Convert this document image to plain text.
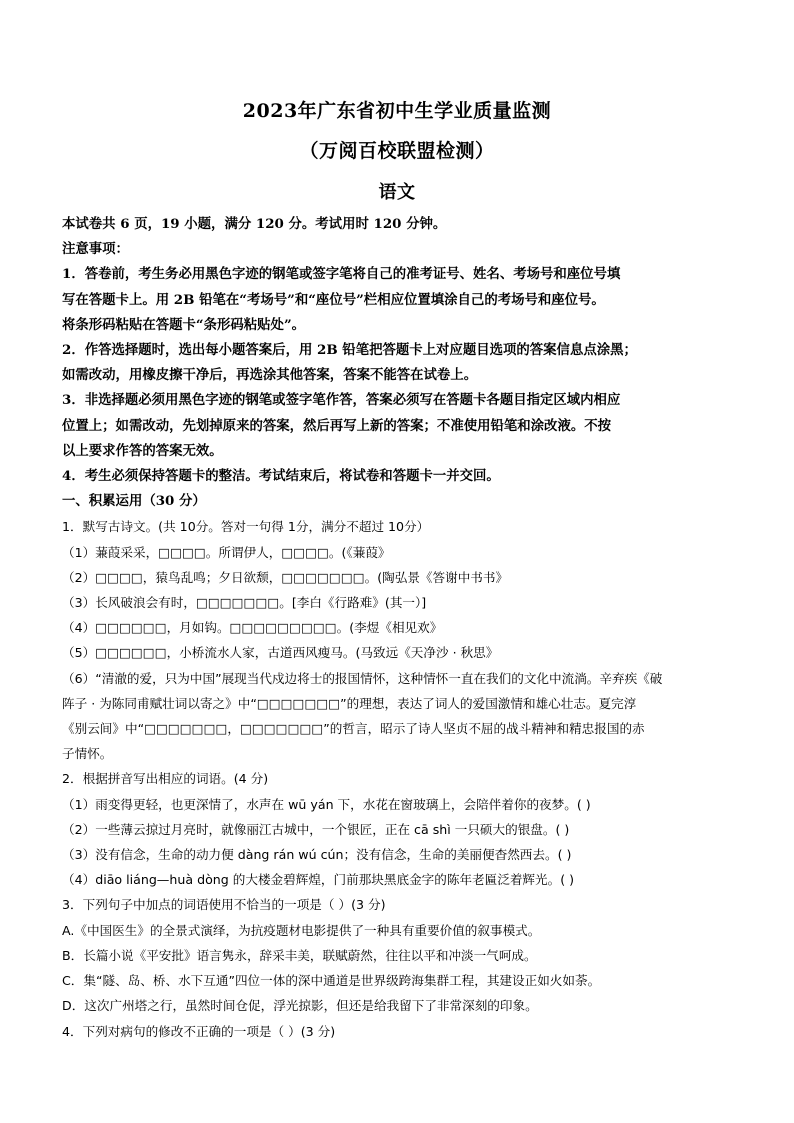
2023年广东省初中生学业质量监测
（万阅百校联盟检测）
语文

本试卷共 6 页，19 小题，满分 120 分。考试用时 120 分钟。

注意事项：

1．答卷前，考生务必用黑色字迹的钢笔或签字笔将自己的准考证号、姓名、考场号和座位号填

写在答题卡上。用 2B 铅笔在“考场号”和“座位号”栏相应位置填涂自己的考场号和座位号。

将条形码粘贴在答题卡“条形码粘贴处”。

2．作答选择题时，选出每小题答案后，用 2B 铅笔把答题卡上对应题目选项的答案信息点涂黑；

如需改动，用橡皮擦干净后，再选涂其他答案，答案不能答在试卷上。

3．非选择题必须用黑色字迹的钢笔或签字笔作答，答案必须写在答题卡各题目指定区域内相应

位置上；如需改动，先划掉原来的答案，然后再写上新的答案；不准使用铅笔和涂改液。不按

以上要求作答的答案无效。

4．考生必须保持答题卡的整洁。考试结束后，将试卷和答题卡一并交回。

一、积累运用（30 分）

1．默写古诗文。(共 10分。答对一句得 1分，满分不超过 10分）

（1）蒹葭采采，□□□□。所谓伊人，□□□□。(《蒹葭》

（2）□□□□，猿鸟乱鸣；夕日欲颓，□□□□□□□。(陶弘景《答谢中书书》

（3）长风破浪会有时，□□□□□□□。[李白《行路难》(其一）]

（4）□□□□□□，月如钩。□□□□□□□□□。(李煜《相见欢》

（5）□□□□□□，小桥流水人家，古道西风瘦马。(马致远《天净沙 · 秋思》

（6）“清澈的爱，只为中国”展现当代戍边将士的报国情怀，这种情怀一直在我们的文化中流淌。辛弃疾《破

阵子 · 为陈同甫赋壮词以寄之》中“□□□□□□□”的理想，表达了词人的爱国激情和雄心壮志。夏完淳

《别云间》中“□□□□□□□，□□□□□□□”的哲言，昭示了诗人坚贞不屈的战斗精神和精忠报国的赤

子情怀。

2．根据拼音写出相应的词语。(4 分)

（1）雨变得更轻，也更深情了，水声在 wū yán 下，水花在窗玻璃上，会陪伴着你的夜梦。( )

（2）一些薄云掠过月亮时，就像丽江古城中，一个银匠，正在 cā shì 一只硕大的银盘。( )

（3）没有信念，生命的动力便 dàng rán wú cún；没有信念，生命的美丽便杳然西去。( )

（4）diāo liáng—huà dòng 的大楼金碧辉煌，门前那块黑底金字的陈年老匾泛着辉光。( )

3．下列句子中加点的词语使用不恰当的一项是（ ）(3 分)

A.《中国医生》的全景式演绎，为抗疫题材电影提供了一种具有重要价值的叙事模式。

B．长篇小说《平安批》语言隽永，辞采丰美，联赋蔚然，往往以平和冲淡一气呵成。

C．集“隧、岛、桥、水下互通”四位一体的深中通道是世界级跨海集群工程，其建设正如火如荼。

D．这次广州塔之行，虽然时间仓促，浮光掠影，但还是给我留下了非常深刻的印象。

4．下列对病句的修改不正确的一项是（ ）(3 分)
